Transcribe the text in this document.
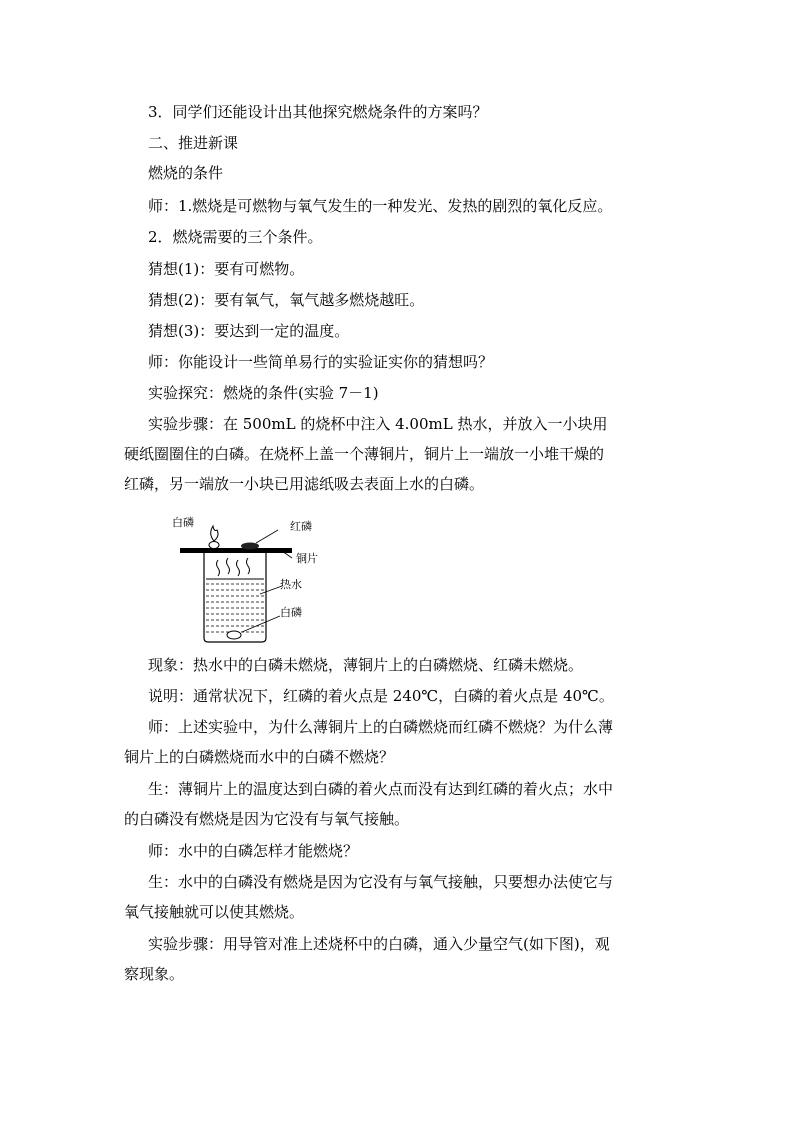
3．同学们还能设计出其他探究燃烧条件的方案吗？

二、推进新课

燃烧的条件

师：1.燃烧是可燃物与氧气发生的一种发光、发热的剧烈的氧化反应。

2．燃烧需要的三个条件。

猜想(1)：要有可燃物。

猜想(2)：要有氧气，氧气越多燃烧越旺。

猜想(3)：要达到一定的温度。

师：你能设计一些简单易行的实验证实你的猜想吗？

实验探究：燃烧的条件(实验 7－1)

实验步骤：在 500mL 的烧杯中注入 4.00mL 热水，并放入一小块用硬纸圈圈住的白磷。在烧杯上盖一个薄铜片，铜片上一端放一小堆干燥的红磷，另一端放一小块已用滤纸吸去表面上水的白磷。

白磷	红磷
铜片
热水
白磷

现象：热水中的白磷未燃烧，薄铜片上的白磷燃烧、红磷未燃烧。

说明：通常状况下，红磷的着火点是 240℃，白磷的着火点是 40℃。

师：上述实验中，为什么薄铜片上的白磷燃烧而红磷不燃烧？为什么薄铜片上的白磷燃烧而水中的白磷不燃烧？

生：薄铜片上的温度达到白磷的着火点而没有达到红磷的着火点；水中的白磷没有燃烧是因为它没有与氧气接触。

师：水中的白磷怎样才能燃烧？

生：水中的白磷没有燃烧是因为它没有与氧气接触，只要想办法使它与氧气接触就可以使其燃烧。

实验步骤：用导管对准上述烧杯中的白磷，通入少量空气(如下图)，观察现象。
